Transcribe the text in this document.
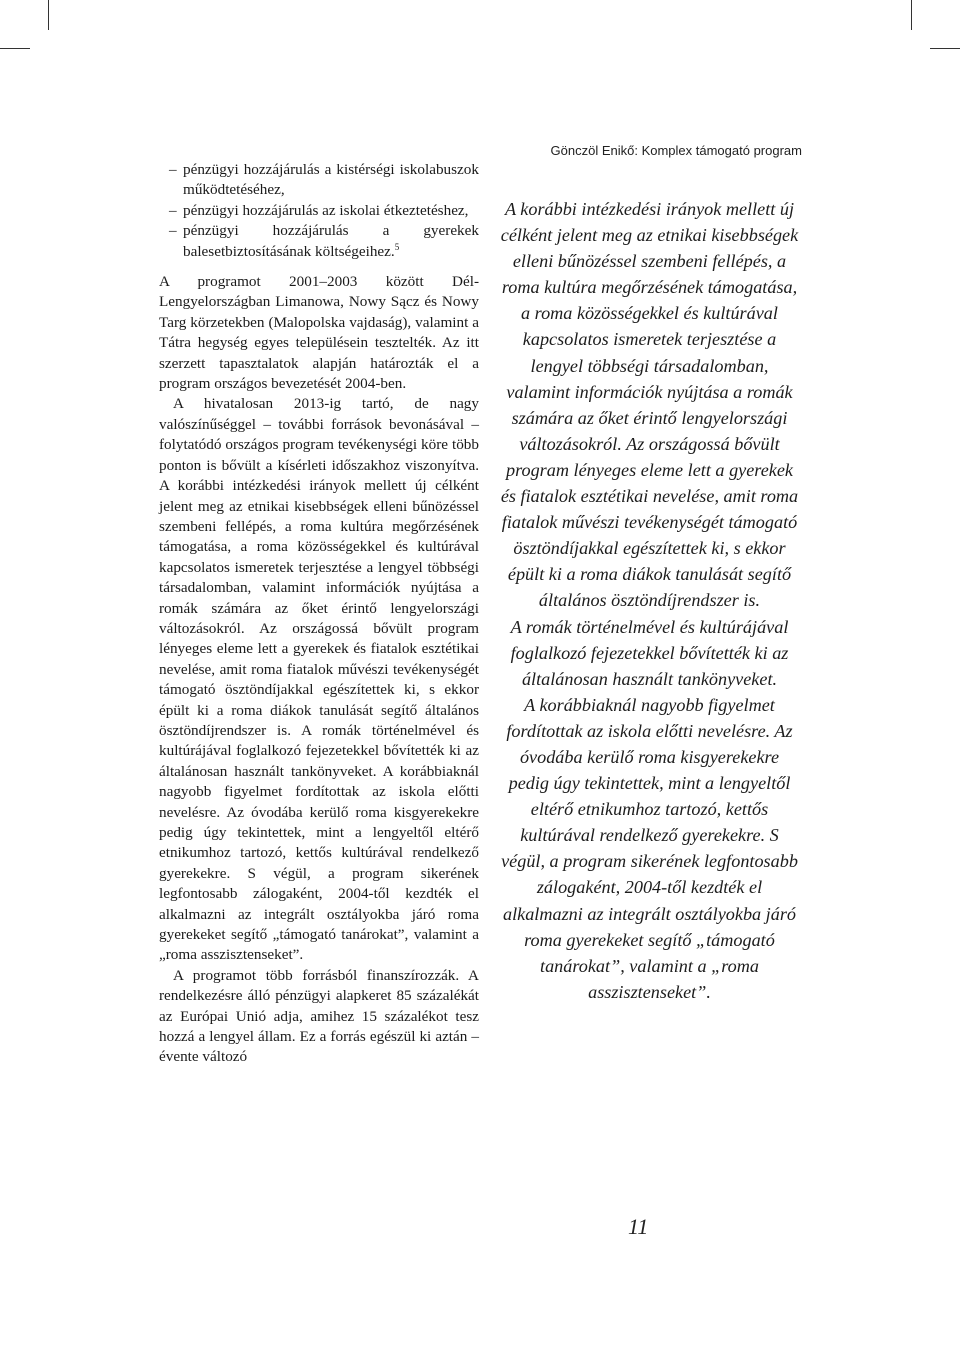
Gönczöl Enikő: Komplex támogató program
– pénzügyi hozzájárulás a kistérségi iskolabuszok működtetéséhez,
– pénzügyi hozzájárulás az iskolai étkeztetéshez,
– pénzügyi hozzájárulás a gyerekek balesetbiztosításának költségeihez.$^5$

A programot 2001–2003 között Dél-Lengyelországban Limanowa, Nowy Sącz és Nowy Targ körzetekben (Malopolska vajdaság), valamint a Tátra hegység egyes településein tesztelték. Az itt szerzett tapasztalatok alapján határozták el a program országos bevezetését 2004-ben.

A hivatalosan 2013-ig tartó, de nagy valószínűséggel – további források bevonásával – folytatódó országos program tevékenységi köre több ponton is bővült a kísérleti időszakhoz viszonyítva. A korábbi intézkedési irányok mellett új célként jelent meg az etnikai kisebbségek elleni bűnözéssel szembeni fellépés, a roma kultúra megőrzésének támogatása, a roma közösségekkel és kultúrával kapcsolatos ismeretek terjesztése a lengyel többségi társadalomban, valamint információk nyújtása a romák számára az őket érintő lengyelországi változásokról. Az országossá bővült program lényeges eleme lett a gyerekek és fiatalok esztétikai nevelése, amit roma fiatalok művészi tevékenységét támogató ösztöndíjakkal egészítettek ki, s ekkor épült ki a roma diákok tanulását segítő általános ösztöndíjrendszer is. A romák történelmével és kultúrájával foglalkozó fejezetekkel bővítették ki az általánosan használt tankönyveket. A korábbiaknál nagyobb figyelmet fordítottak az iskola előtti nevelésre. Az óvodába kerülő roma kisgyerekekre pedig úgy tekintettek, mint a lengyeltől eltérő etnikumhoz tartozó, kettős kultúrával rendelkező gyerekekre. S végül, a program sikerének legfontosabb zálogaként, 2004-től kezdték el alkalmazni az integrált osztályokba járó roma gyerekeket segítő „támogató tanárokat”, valamint a „roma asszisztenseket”.

A programot több forrásból finanszírozzák. A rendelkezésre álló pénzügyi alapkeret 85 százalékát az Európai Unió adja, amihez 15 százalékot tesz hozzá a lengyel állam. Ez a forrás egészül ki aztán – évente változó

A korábbi intézkedési irányok mellett új célként jelent meg az etnikai kisebbségek elleni bűnözéssel szembeni fellépés, a roma kultúra megőrzésének támogatása, a roma közösségekkel és kultúrával kapcsolatos ismeretek terjesztése a lengyel többségi társadalomban, valamint információk nyújtása a romák számára az őket érintő lengyelországi változásokról. Az országossá bővült program lényeges eleme lett a gyerekek és fiatalok esztétikai nevelése, amit roma fiatalok művészi tevékenységét támogató ösztöndíjakkal egészítettek ki, s ekkor épült ki a roma diákok tanulását segítő általános ösztöndíjrendszer is.

A romák történelmével és kultúrájával foglalkozó fejezetekkel bővítették ki az általánosan használt tankönyveket.

A korábbiaknál nagyobb figyelmet fordítottak az iskola előtti nevelésre. Az óvodába kerülő roma kisgyerekekre pedig úgy tekintettek, mint a lengyeltől eltérő etnikumhoz tartozó, kettős kultúrával rendelkező gyerekekre. S végül, a program sikerének legfontosabb zálogaként, 2004-től kezdték el alkalmazni az integrált osztályokba járó roma gyerekeket segítő „támogató tanárokat”, valamint a „roma asszisztenseket”.

11
